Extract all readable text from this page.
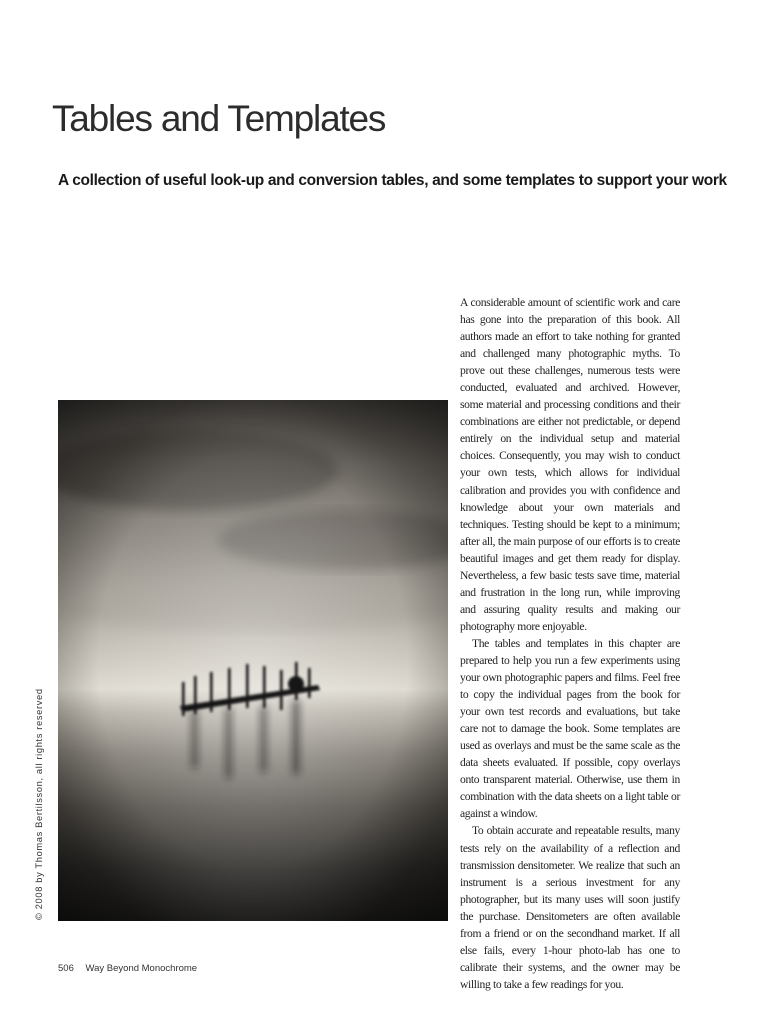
Tables and Templates
A collection of useful look-up and conversion tables, and some templates to support your work
© 2008 by Thomas Bertilsson, all rights reserved

A considerable amount of scientific work and care has gone into the preparation of this book. All authors made an effort to take nothing for granted and challenged many photographic myths. To prove out these challenges, numerous tests were conducted, evaluated and archived. However, some material and processing conditions and their combinations are either not predictable, or depend entirely on the individual setup and material choices. Consequently, you may wish to conduct your own tests, which allows for individual calibration and provides you with confidence and knowledge about your own materials and techniques. Testing should be kept to a minimum; after all, the main purpose of our efforts is to create beautiful images and get them ready for display. Nevertheless, a few basic tests save time, material and frustration in the long run, while improving and assuring quality results and making our photography more enjoyable.

The tables and templates in this chapter are prepared to help you run a few experiments using your own photographic papers and films. Feel free to copy the individual pages from the book for your own test records and evaluations, but take care not to damage the book. Some templates are used as overlays and must be the same scale as the data sheets evaluated. If possible, copy overlays onto transparent material. Otherwise, use them in combination with the data sheets on a light table or against a window.

To obtain accurate and repeatable results, many tests rely on the availability of a reflection and transmission densitometer. We realize that such an instrument is a serious investment for any photographer, but its many uses will soon justify the purchase. Densitometers are often available from a friend or on the secondhand market. If all else fails, every 1-hour photo-lab has one to calibrate their systems, and the owner may be willing to take a few readings for you.

506 Way Beyond Monochrome
